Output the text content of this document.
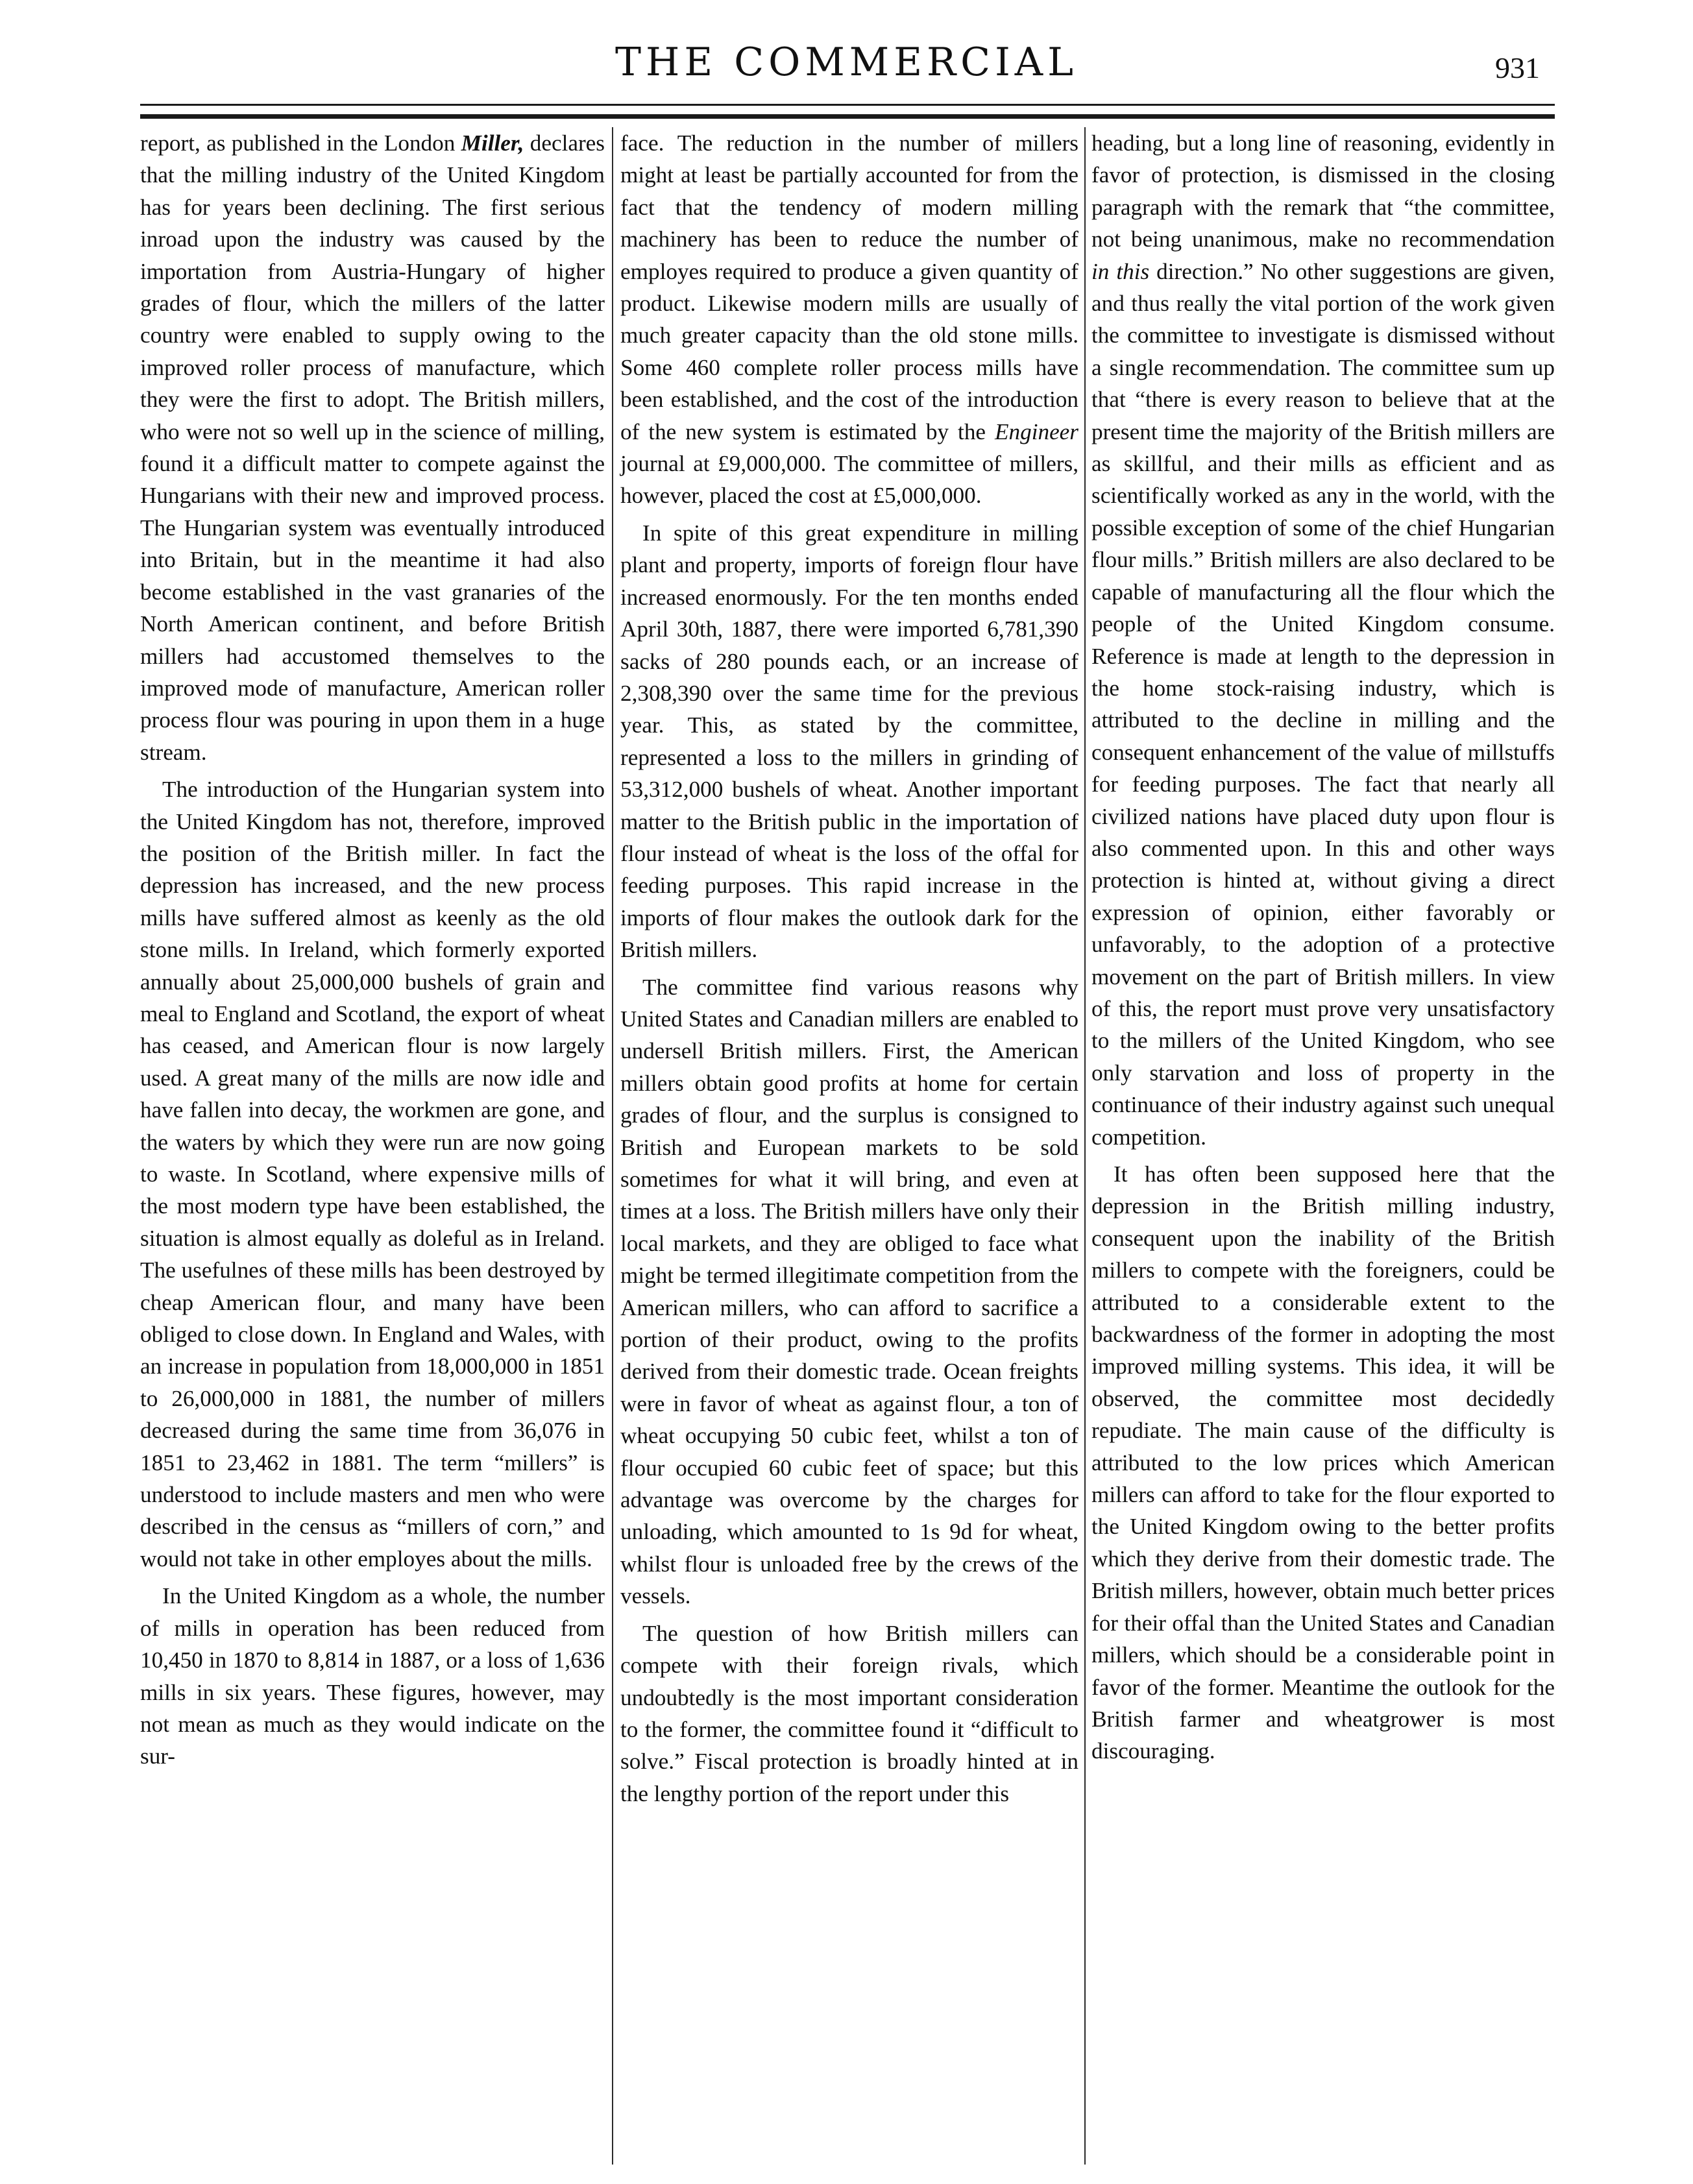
THE COMMERCIAL	931

report, as published in the London Miller, declares that the milling industry of the United Kingdom has for years been declining. The first serious inroad upon the industry was caused by the importation from Austria-Hungary of higher grades of flour, which the millers of the latter country were enabled to supply owing to the improved roller process of manufacture, which they were the first to adopt. The British millers, who were not so well up in the science of milling, found it a difficult matter to compete against the Hungarians with their new and improved process. The Hungarian system was eventually introduced into Britain, but in the meantime it had also become established in the vast granaries of the North American continent, and before British millers had accustomed themselves to the improved mode of manufacture, American roller process flour was pouring in upon them in a huge stream.

The introduction of the Hungarian system into the United Kingdom has not, therefore, improved the position of the British miller. In fact the depression has increased, and the new process mills have suffered almost as keenly as the old stone mills. In Ireland, which formerly exported annually about 25,000,000 bushels of grain and meal to England and Scotland, the export of wheat has ceased, and American flour is now largely used. A great many of the mills are now idle and have fallen into decay, the workmen are gone, and the waters by which they were run are now going to waste. In Scotland, where expensive mills of the most modern type have been established, the situation is almost equally as doleful as in Ireland. The usefulnes of these mills has been destroyed by cheap American flour, and many have been obliged to close down. In England and Wales, with an increase in population from 18,000,000 in 1851 to 26,000,000 in 1881, the number of millers decreased during the same time from 36,076 in 1851 to 23,462 in 1881. The term “millers” is understood to include masters and men who were described in the census as “millers of corn,” and would not take in other employes about the mills.

In the United Kingdom as a whole, the number of mills in operation has been reduced from 10,450 in 1870 to 8,814 in 1887, or a loss of 1,636 mills in six years. These figures, however, may not mean as much as they would indicate on the sur-

face. The reduction in the number of millers might at least be partially accounted for from the fact that the tendency of modern milling machinery has been to reduce the number of employes required to produce a given quantity of product. Likewise modern mills are usually of much greater capacity than the old stone mills. Some 460 complete roller process mills have been established, and the cost of the introduction of the new system is estimated by the Engineer journal at £9,000,000. The committee of millers, however, placed the cost at £5,000,000.

In spite of this great expenditure in milling plant and property, imports of foreign flour have increased enormously. For the ten months ended April 30th, 1887, there were imported 6,781,390 sacks of 280 pounds each, or an increase of 2,308,390 over the same time for the previous year. This, as stated by the committee, represented a loss to the millers in grinding of 53,312,000 bushels of wheat. Another important matter to the British public in the importation of flour instead of wheat is the loss of the offal for feeding purposes. This rapid increase in the imports of flour makes the outlook dark for the British millers.

The committee find various reasons why United States and Canadian millers are enabled to undersell British millers. First, the American millers obtain good profits at home for certain grades of flour, and the surplus is consigned to British and European markets to be sold sometimes for what it will bring, and even at times at a loss. The British millers have only their local markets, and they are obliged to face what might be termed illegitimate competition from the American millers, who can afford to sacrifice a portion of their product, owing to the profits derived from their domestic trade. Ocean freights were in favor of wheat as against flour, a ton of wheat occupying 50 cubic feet, whilst a ton of flour occupied 60 cubic feet of space; but this advantage was overcome by the charges for unloading, which amounted to 1s 9d for wheat, whilst flour is unloaded free by the crews of the vessels.

The question of how British millers can compete with their foreign rivals, which undoubtedly is the most important consideration to the former, the committee found it “difficult to solve.” Fiscal protection is broadly hinted at in the lengthy portion of the report under this

heading, but a long line of reasoning, evidently in favor of protection, is dismissed in the closing paragraph with the remark that “the committee, not being unanimous, make no recommendation in this direction.” No other suggestions are given, and thus really the vital portion of the work given the committee to investigate is dismissed without a single recommendation. The committee sum up that “there is every reason to believe that at the present time the majority of the British millers are as skillful, and their mills as efficient and as scientifically worked as any in the world, with the possible exception of some of the chief Hungarian flour mills.” British millers are also declared to be capable of manufacturing all the flour which the people of the United Kingdom consume. Reference is made at length to the depression in the home stock-raising industry, which is attributed to the decline in milling and the consequent enhancement of the value of millstuffs for feeding purposes. The fact that nearly all civilized nations have placed duty upon flour is also commented upon. In this and other ways protection is hinted at, without giving a direct expression of opinion, either favorably or unfavorably, to the adoption of a protective movement on the part of British millers. In view of this, the report must prove very unsatisfactory to the millers of the United Kingdom, who see only starvation and loss of property in the continuance of their industry against such unequal competition.

It has often been supposed here that the depression in the British milling industry, consequent upon the inability of the British millers to compete with the foreigners, could be attributed to a considerable extent to the backwardness of the former in adopting the most improved milling systems. This idea, it will be observed, the committee most decidedly repudiate. The main cause of the difficulty is attributed to the low prices which American millers can afford to take for the flour exported to the United Kingdom owing to the better profits which they derive from their domestic trade. The British millers, however, obtain much better prices for their offal than the United States and Canadian millers, which should be a considerable point in favor of the former. Meantime the outlook for the British farmer and wheatgrower is most discouraging.
